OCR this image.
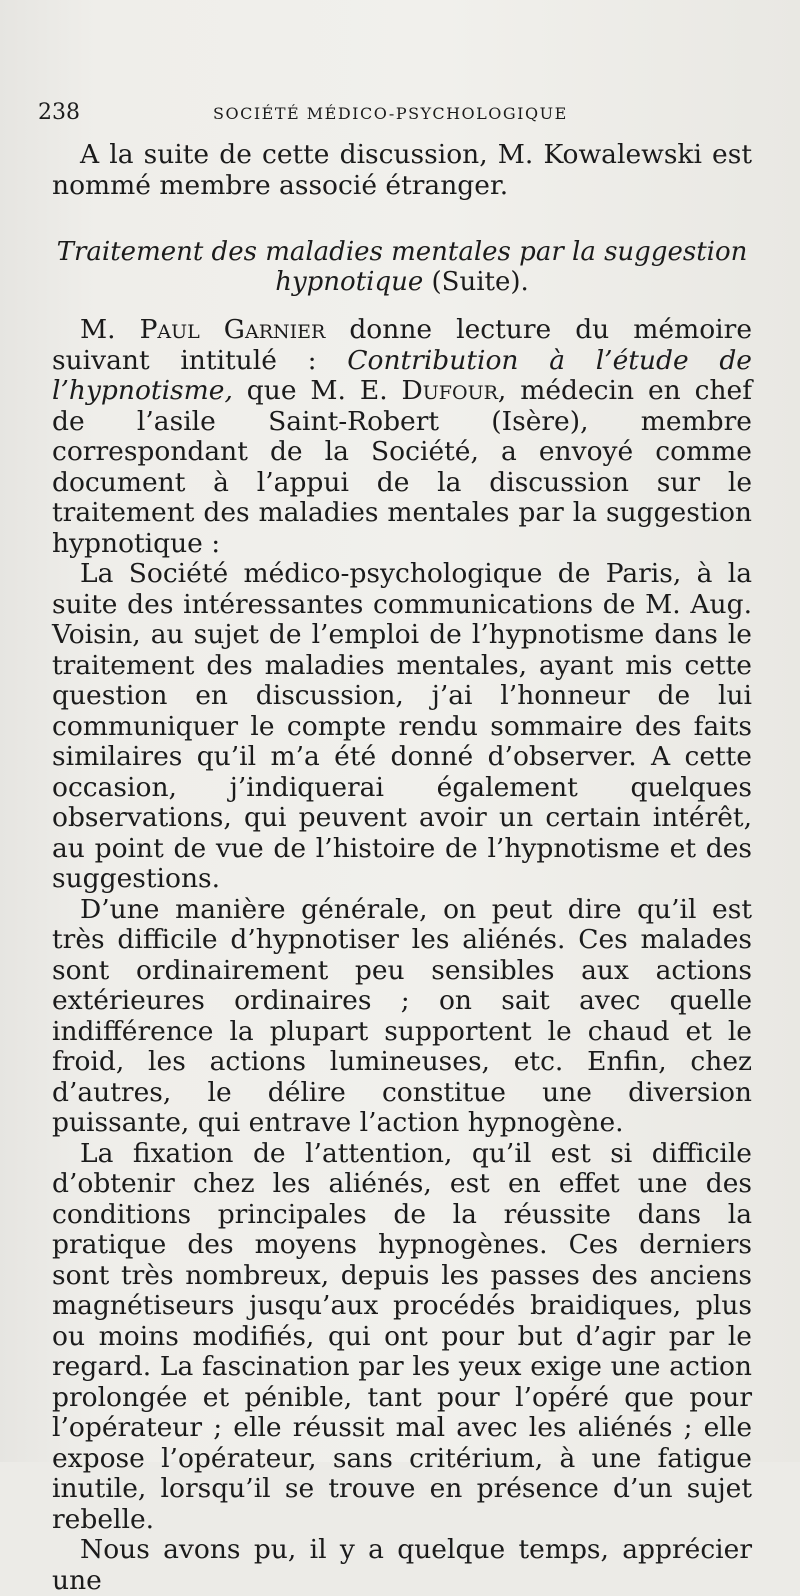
238	SOCIÉTÉ MÉDICO-PSYCHOLOGIQUE

A la suite de cette discussion, M. Kowalewski est nommé membre associé étranger.

Traitement des maladies mentales par la suggestion hypnotique (Suite).

M. Paul Garnier donne lecture du mémoire suivant intitulé : Contribution à l’étude de l’hypnotisme, que M. E. Dufour, médecin en chef de l’asile Saint-Robert (Isère), membre correspondant de la Société, a envoyé comme document à l’appui de la discussion sur le traitement des maladies mentales par la suggestion hypnotique :

La Société médico-psychologique de Paris, à la suite des intéressantes communications de M. Aug. Voisin, au sujet de l’emploi de l’hypnotisme dans le traitement des maladies mentales, ayant mis cette question en discussion, j’ai l’honneur de lui communiquer le compte rendu sommaire des faits similaires qu’il m’a été donné d’observer. A cette occasion, j’indiquerai également quelques observations, qui peuvent avoir un certain intérêt, au point de vue de l’histoire de l’hypnotisme et des suggestions.

D’une manière générale, on peut dire qu’il est très difficile d’hypnotiser les aliénés. Ces malades sont ordinairement peu sensibles aux actions extérieures ordinaires ; on sait avec quelle indifférence la plupart supportent le chaud et le froid, les actions lumineuses, etc. Enfin, chez d’autres, le délire constitue une diversion puissante, qui entrave l’action hypnogène.

La fixation de l’attention, qu’il est si difficile d’obtenir chez les aliénés, est en effet une des conditions principales de la réussite dans la pratique des moyens hypnogènes. Ces derniers sont très nombreux, depuis les passes des anciens magnétiseurs jusqu’aux procédés braidiques, plus ou moins modifiés, qui ont pour but d’agir par le regard. La fascination par les yeux exige une action prolongée et pénible, tant pour l’opéré que pour l’opérateur ; elle réussit mal avec les aliénés ; elle expose l’opérateur, sans critérium, à une fatigue inutile, lorsqu’il se trouve en présence d’un sujet rebelle.

Nous avons pu, il y a quelque temps, apprécier une
